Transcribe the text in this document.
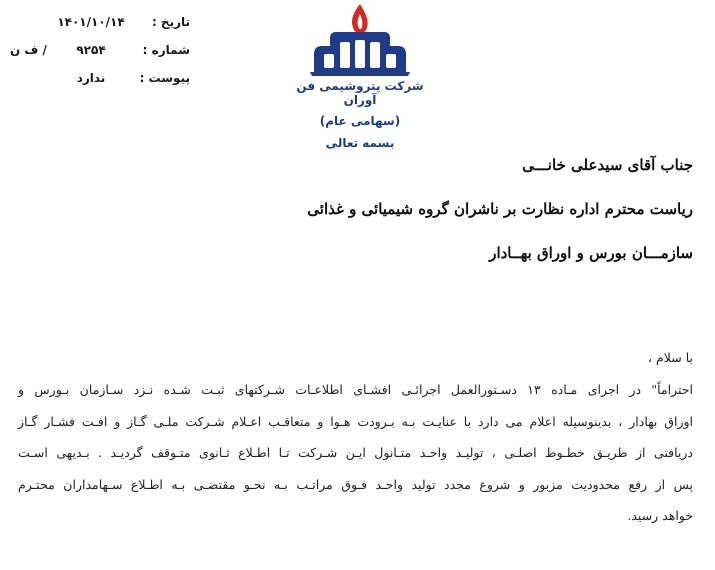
تاریخ :
۱۴۰۱/۱۰/۱۴
شماره :
۹۲۵۴
/ ف ن
پیوست :
ندارد
شرکت پتروشیمی فن آوران
(سهامی عام)
بسمه تعالی
جناب آقای سیدعلی خانـــی
ریاست محترم اداره نظارت بر ناشران گروه شیمیائی و غذائی
سازمـــان بورس و اوراق بهــادار
با سلام ،
احتراماً" در اجرای مـاده ۱۳ دسـتورالعمل اجرائـی افشـای اطلاعـات شـرکتهای ثبـت شـده نـزد سـازمان بـورس و
اوراق بهادار ، بدینوسیله اعلام می دارد با عنایـت بـه بـرودت هـوا و متعاقـب اعـلام شـرکت ملـی گـاز و افـت فشـار گـاز
دریافتی از طریـق خطـوط اصلـی ، تولیـد واحـد متـانول ایـن شـرکت تـا اطـلاع ثـانوی متـوقف گردیـد . بـدیهی اسـت
پس از رفع محدودیت مزبور و شروع مجدد تولید واحـد فـوق مراتـب بـه نحـو مقتضـی بـه اطـلاع سـهامداران محتـرم
خواهد رسید.
